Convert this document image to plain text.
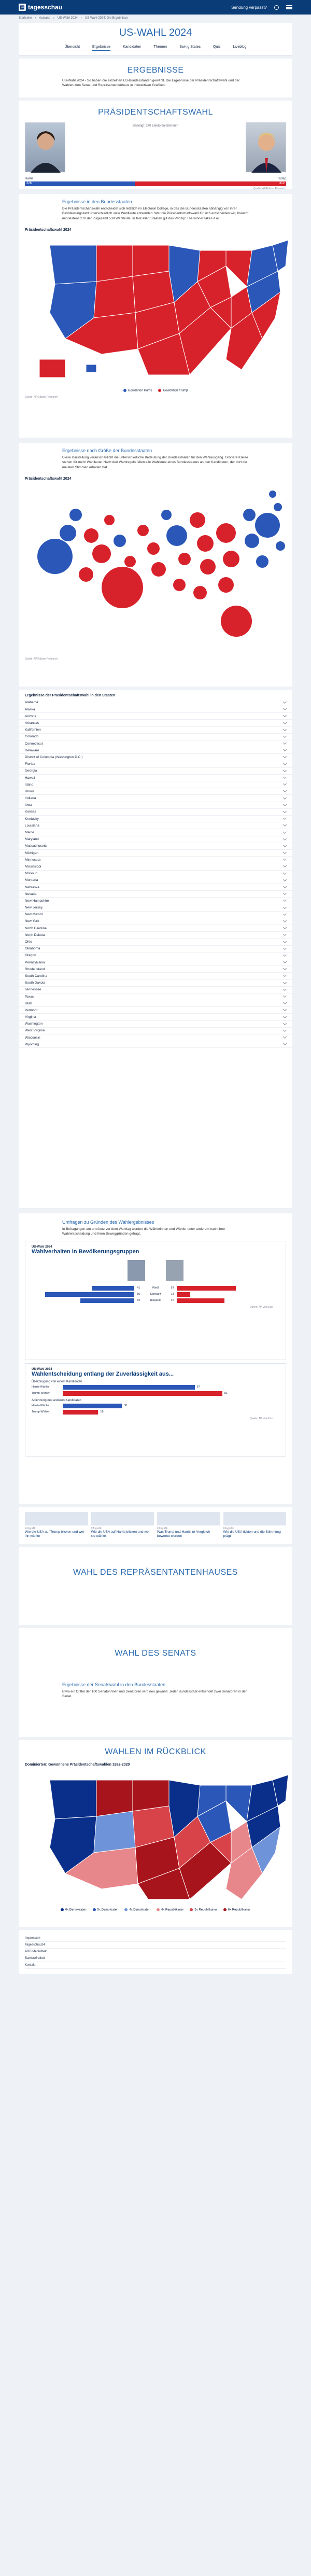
▤ tagesschau	Sendung verpasst?
Startseite › Ausland › US-Wahl 2024 › US-Wahl 2024: Die Ergebnisse
US-WAHL 2024
Übersicht	Ergebnisse	Kandidaten	Themen	Swing States	Quiz	Liveblog
ERGEBNISSE

US-Wahl 2024 - So haben die einzelnen US-Bundesstaaten gewählt. Die Ergebnisse der Präsidentschaftswahl und der Wahlen zum Senat und Repräsentantenhaus in interaktiven Grafiken.

PRÄSIDENTSCHAFTSWAHL
Benötigt: 270 Elektoren-Stimmen
Harris	Trump
226	312
Quelle: AP/Edison Research
Ergebnisse in den Bundesstaaten

Die Präsidentschaftswahl entscheidet sich letztlich im Electoral College, in das die Bundesstaaten abhängig von ihrer Bevölkerungszahl unterschiedlich viele Wahlleute entsenden. Wer die Präsidentschaftswahl für sich entscheiden will, braucht mindestens 270 der insgesamt 538 Wahlleute. In fast allen Staaten gilt das Prinzip: The winner takes it all.

Präsidentschaftswahl 2024
Gewonnen Harris	Gewonnen Trump
Quelle: AP/Edison Research
Ergebnisse nach Größe der Bundesstaaten

Diese Darstellung veranschaulicht die unterschiedliche Bedeutung der Bundesstaaten für den Wahlausgang. Größere Kreise stehen für mehr Wahlleute. Nach den Wahlregeln fallen alle Wahlleute eines Bundesstaates an den Kandidaten, der dort die meisten Stimmen erhalten hat.

Präsidentschaftswahl 2024
Quelle: AP/Edison Research
Ergebnisse der Präsidentschaftswahl in den Staaten
Alabama
Alaska
Arizona
Arkansas
Kalifornien
Colorado
Connecticut
Delaware
District of Columbia (Washington D.C.)
Florida
Georgia
Hawaii
Idaho
Illinois
Indiana
Iowa
Kansas
Kentucky
Louisiana
Maine
Maryland
Massachusetts
Michigan
Minnesota
Mississippi
Missouri
Montana
Nebraska
Nevada
New Hampshire
New Jersey
New Mexico
New York
North Carolina
North Dakota
Ohio
Oklahoma
Oregon
Pennsylvania
Rhode Island
South Carolina
South Dakota
Tennessee
Texas
Utah
Vermont
Virginia
Washington
West Virginia
Wisconsin
Wyoming
Umfragen zu Gründen des Wahlergebnisses

In Befragungen am und kurz vor dem Wahltag wurden die Wählerinnen und Wähler unter anderem nach ihrer Wahlentscheidung und ihren Beweggründen gefragt.

US-Wahl 2024
Wahlverhalten in Bevölkerungsgruppen
41	Weiß	57
86	Schwarz	13
52	Hispanic	46
Quelle: AP VoteCast
US-Wahl 2024
Wahlentscheidung entlang der Zuverlässigkeit aus...
Überzeugung von einem Kandidaten
Harris-Wähler	67
Trump-Wähler	81
Ablehnung des anderen Kandidaten
Harris-Wähler	30
Trump-Wähler	18
Quelle: AP VoteCast
Infografik
Wie die USA auf Trump blicken und wer ihn wählte
Infografik
Wie die USA auf Harris blicken und wer sie wählte
Infografik
Was Trump und Harris im Vergleich bewertet werden
Infografik
Wie die USA tickten und die Stimmung prägt
WAHL DES REPRÄSENTANTENHAUSES
WAHL DES SENATS
Ergebnisse der Senatswahl in den Bundesstaaten

Etwa ein Drittel der 100 Senatorinnen und Senatoren wird neu gewählt. Jeder Bundesstaat entsendet zwei Senatoren in den Senat.

WAHLEN IM RÜCKBLICK
Dominierten: Gewonnene Präsidentschaftswahlen 1992-2020
6x Demokraten	5x Demokraten	4x Demokraten	4x Republikaner	5x Republikaner	6x Republikaner
Impressum
Tagesschau24
ARD Mediathek
Barrierefreiheit
Kontakt
